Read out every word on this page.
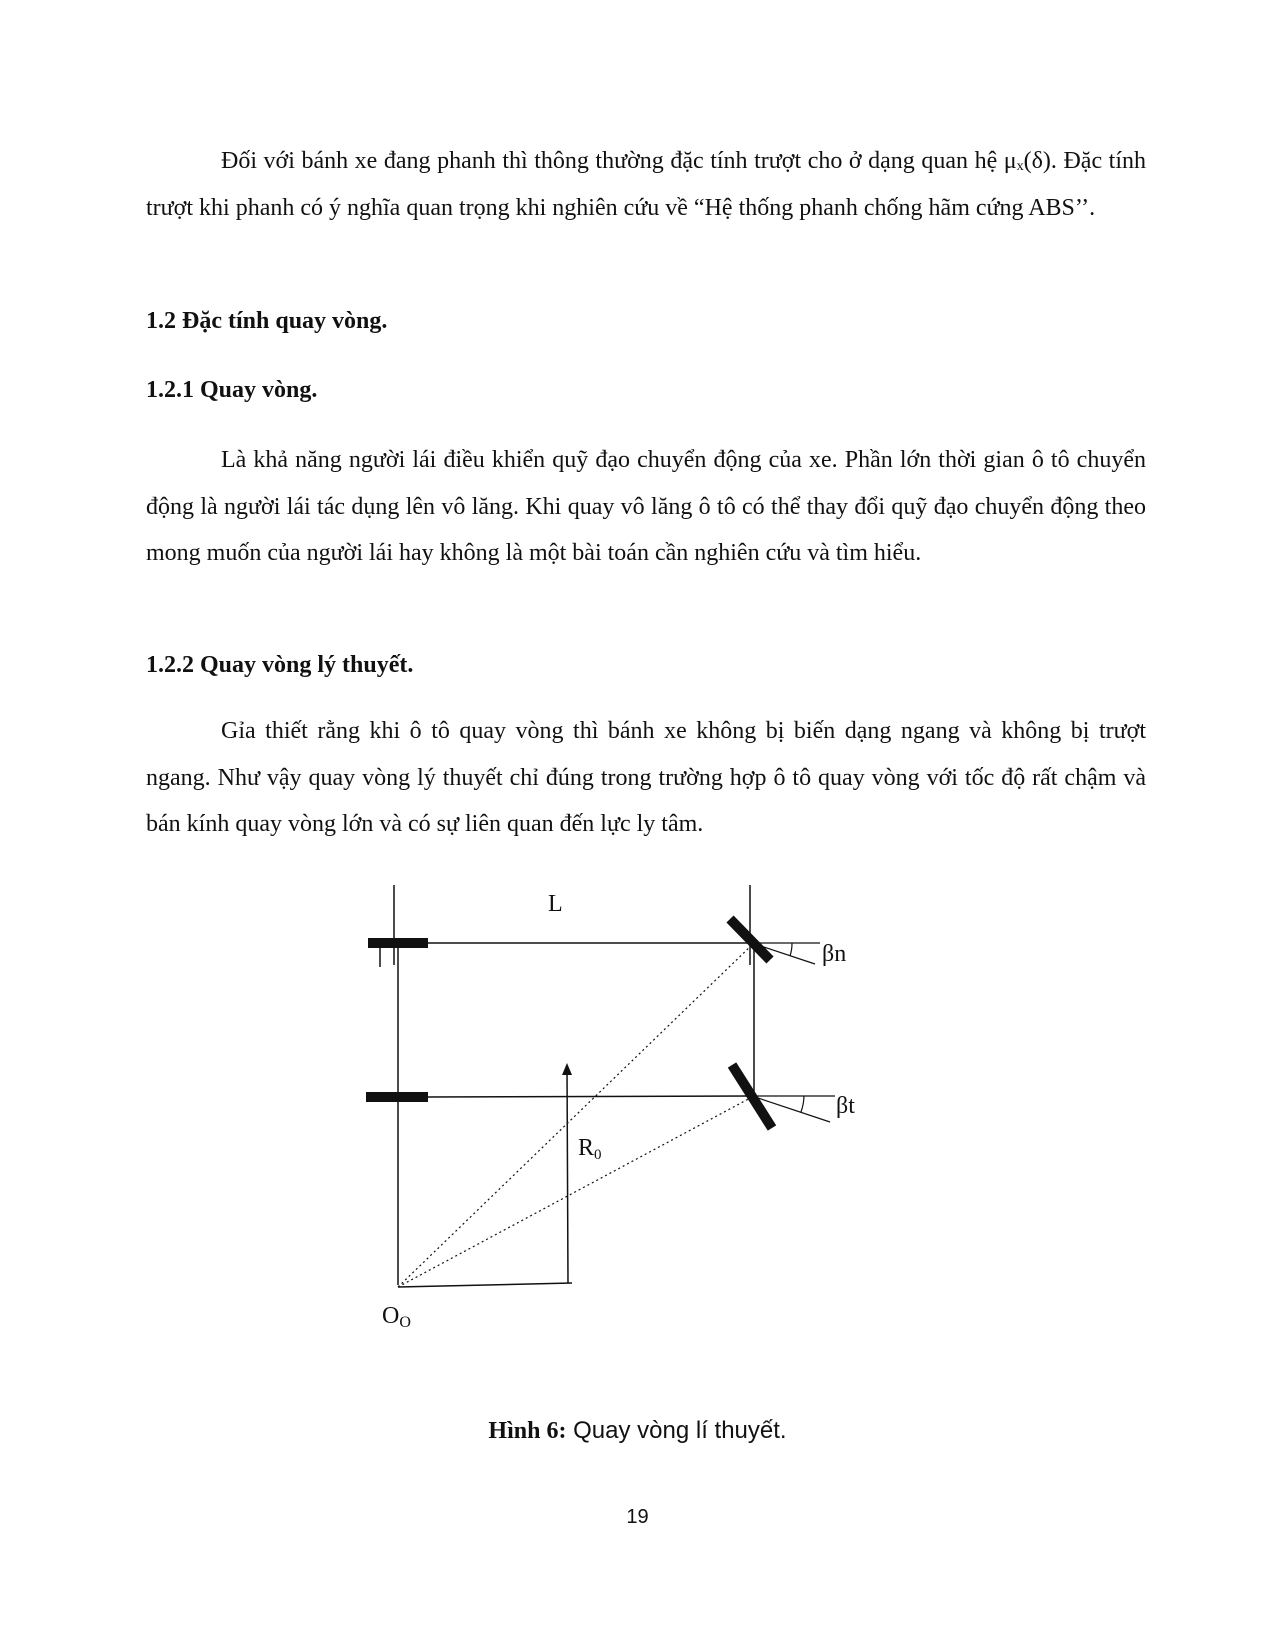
Đối với bánh xe đang phanh thì thông thường đặc tính trượt cho ở dạng quan hệ μₓ(δ). Đặc tính trượt khi phanh có ý nghĩa quan trọng khi nghiên cứu về “Hệ thống phanh chống hãm cứng ABS’’.

1.2 Đặc tính quay vòng.
1.2.1 Quay vòng.

Là khả năng người lái điều khiển quỹ đạo chuyển động của xe. Phần lớn thời gian ô tô chuyển động là người lái tác dụng lên vô lăng. Khi quay vô lăng ô tô có thể thay đổi quỹ đạo chuyển động theo mong muốn của người lái hay không là một bài toán cần nghiên cứu và tìm hiểu.

1.2.2 Quay vòng lý thuyết.

Gỉa thiết rằng khi ô tô quay vòng thì bánh xe không bị biến dạng ngang và không bị trượt ngang. Như vậy quay vòng lý thuyết chỉ đúng trong trường hợp ô tô quay vòng với tốc độ rất chậm và bán kính quay vòng lớn và có sự liên quan đến lực ly tâm.

L
βn
βt
R0
OO
Hình 6: Quay vòng lí thuyết.
19
